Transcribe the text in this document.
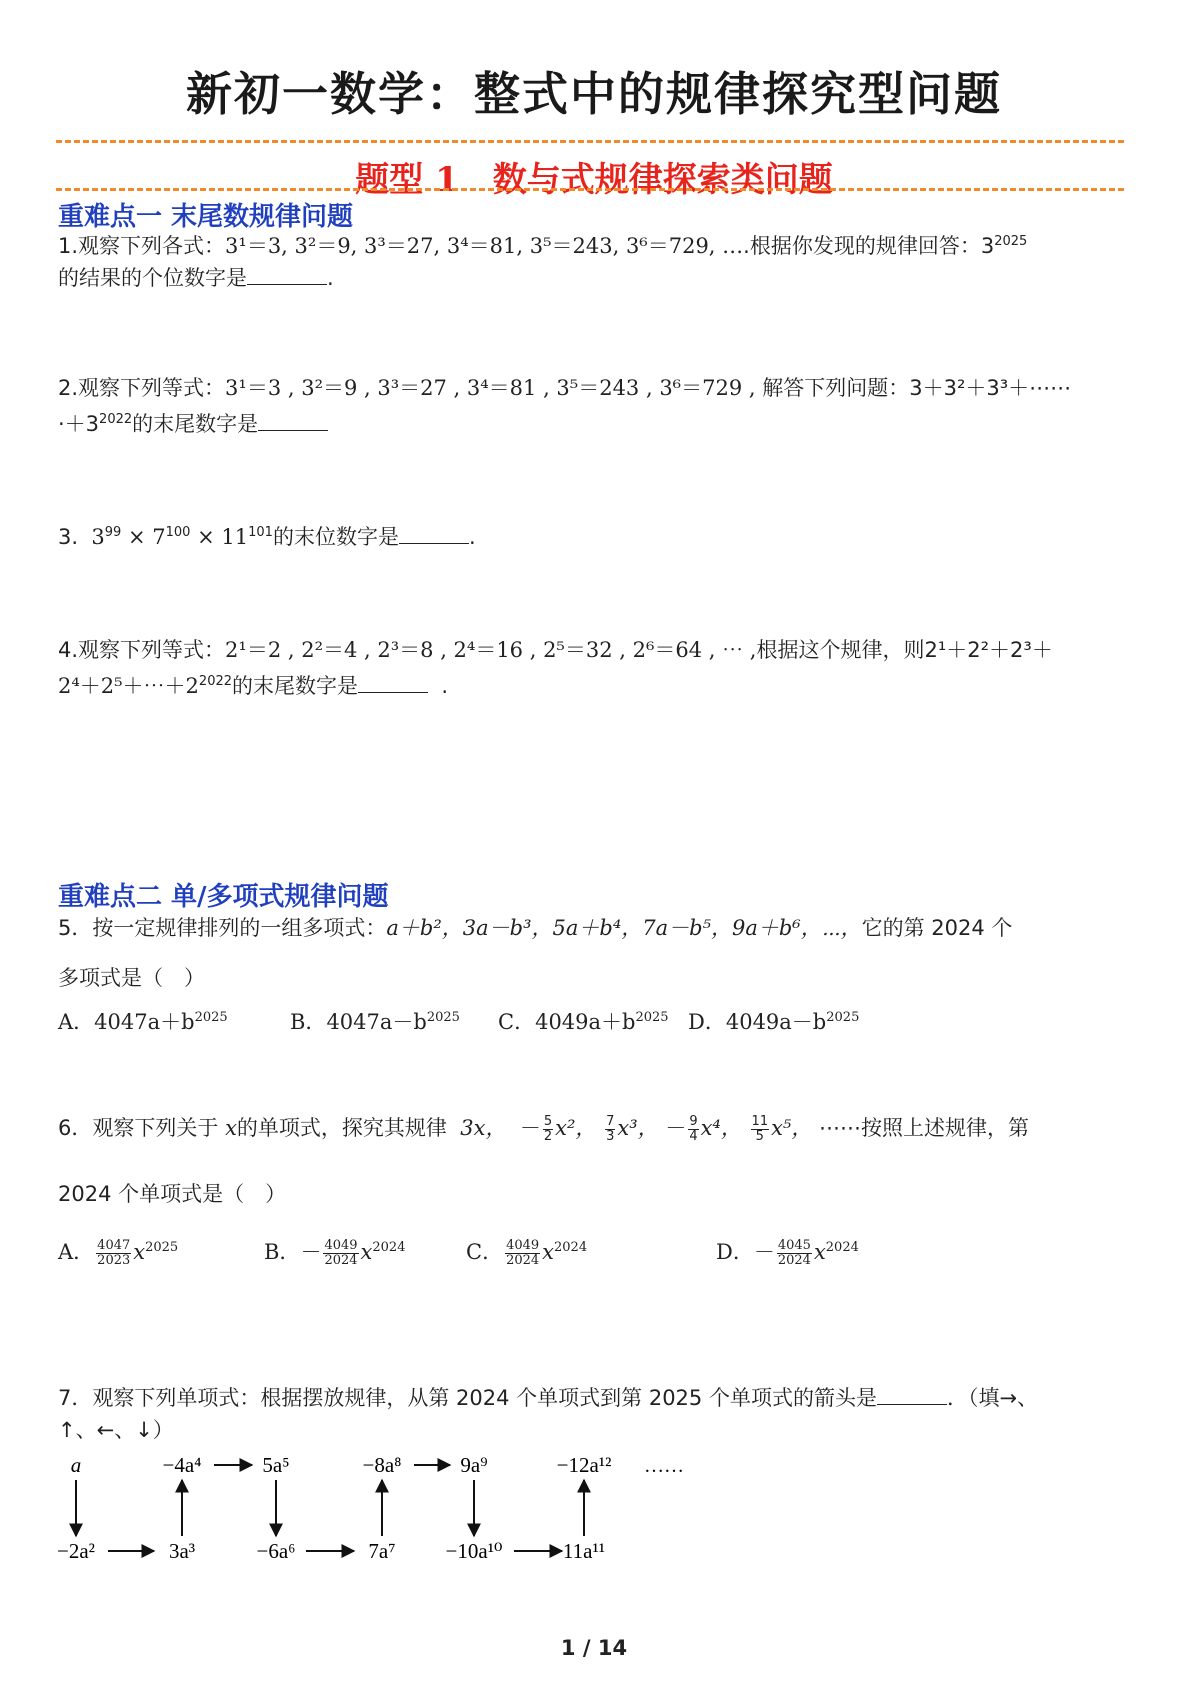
新初一数学：整式中的规律探究型问题
题型 1　数与式规律探索类问题
重难点一 末尾数规律问题
1.观察下列各式：3¹＝3, 3²＝9, 3³＝27, 3⁴＝81, 3⁵＝243, 3⁶＝729, ….根据你发现的规律回答：$3^{2025}$
的结果的个位数字是	.
2.观察下列等式：3¹＝3 , 3²＝9 , 3³＝27 , 3⁴＝81 , 3⁵＝243 , 3⁶＝729 , 解答下列问题：3＋3²＋3³＋⋯⋯
$\cdot+3^{2022}$的末尾数字是
3. $3^{99} \times 7^{100} \times 11^{101}$的末位数字是	.
4.观察下列等式：2¹＝2 , 2²＝4 , 2³＝8 , 2⁴＝16 , 2⁵＝32 , 2⁶＝64 , ⋯ ,根据这个规律，则2¹＋2²＋2³＋
$2^4+2^5+\cdots+2^{2022}$的末尾数字是	.
重难点二 单/多项式规律问题
5．按一定规律排列的一组多项式：a＋b²，3a－b³，5a＋b⁴，7a－b⁵，9a＋b⁶，⋯，它的第 2024 个
多项式是（　）
A．$4047a+b^{2025}$	B．$4047a-b^{2025}$ C．$4049a+b^{2025}$ D．$4049a-b^{2025}$
6．观察下列关于 x的单项式，探究其规律 3x， － $\frac{5}{2} x^2$， $\frac{7}{3} x^3$， － $\frac{9}{4} x^4$， $\frac{11}{5} x^5$， ⋯⋯按照上述规律，第
2024 个单项式是（　）
A． $\frac{4047}{2023} x^{2025}$	B．－ $\frac{4049}{2024} x^{2024}$	C． $\frac{4049}{2024} x^{2024}$	D．－ $\frac{4045}{2024} x^{2024}$
7．观察下列单项式：根据摆放规律，从第 2024 个单项式到第 2025 个单项式的箭头是	．（填→、
↑、←、↓）
a	−4a⁴	5a⁵	−8a⁸	9a⁹	−12a¹² ……
−2a²	3a³	−6a⁶	7a⁷ −10a¹⁰	11a¹¹
1 / 14
